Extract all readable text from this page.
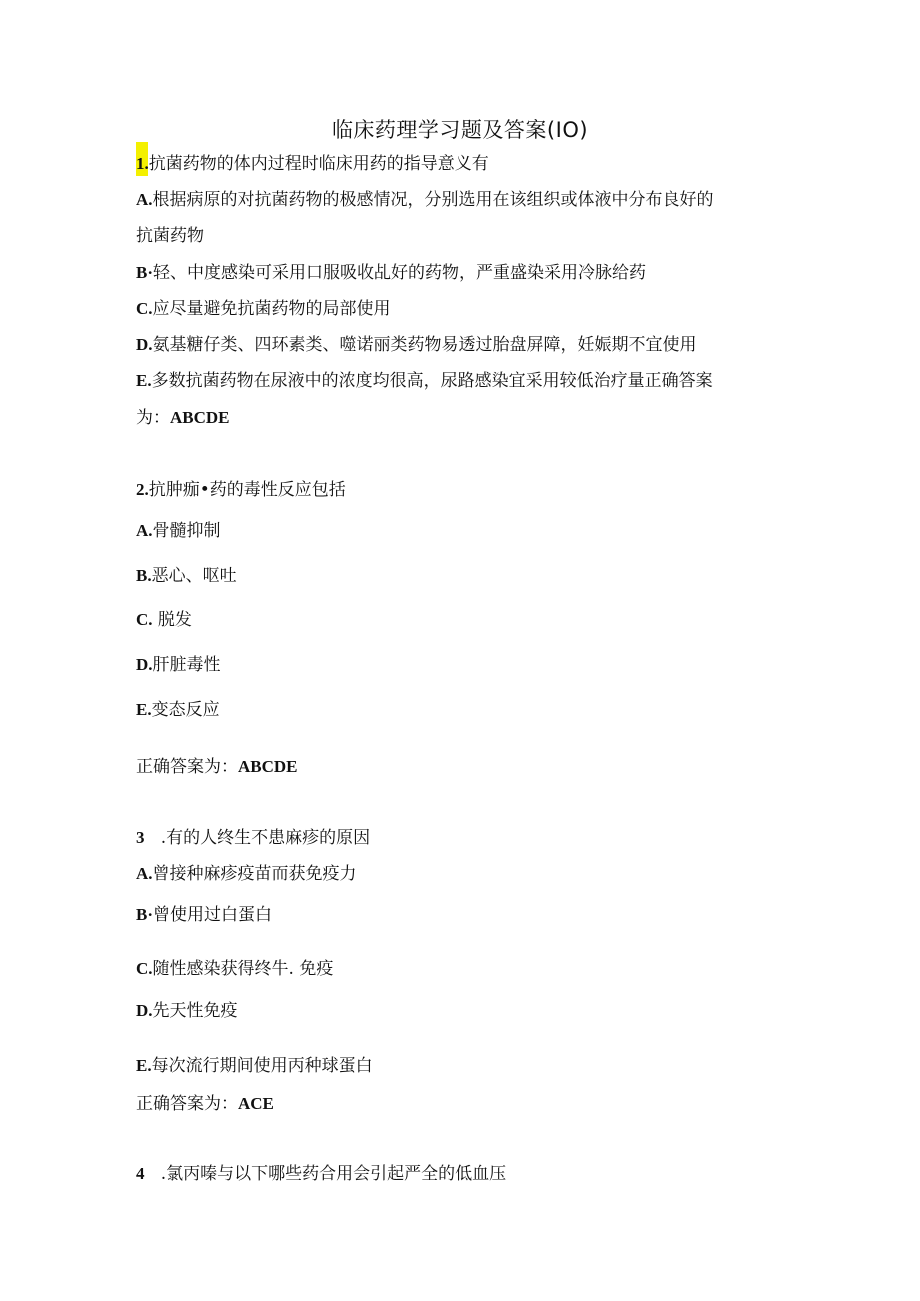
临床药理学习题及答案(IO)
1.抗菌药物的体内过程时临床用药的指导意义有
A.根据病原的对抗菌药物的极感情况，分别选用在该组织或体液中分布良好的
抗菌药物
B·轻、中度感染可采用口服吸收乩好的药物，严重盛染采用冷脉给药
C.应尽量避免抗菌药物的局部使用
D.氨基糖仔类、四环素类、噬诺丽类药物易透过胎盘屏障，妊娠期不宜使用
E.多数抗菌药物在尿液中的浓度均很高，尿路感染宜采用较低治疗量正确答案
为：ABCDE
2.抗肿痂•药的毒性反应包括
A.骨髓抑制
B.恶心、呕吐
C. 脱发
D.肝脏毒性
E.变态反应
正确答案为：ABCDE
3   .有的人终生不患麻疹的原因
A.曾接种麻疹疫苗而获免疫力
B·曾使用过白蛋白
C.随性感染获得终牛. 免疫
D.先天性免疫
E.每次流行期间使用丙种球蛋白
正确答案为：ACE
4   .氯丙嗪与以下哪些药合用会引起严全的低血压
